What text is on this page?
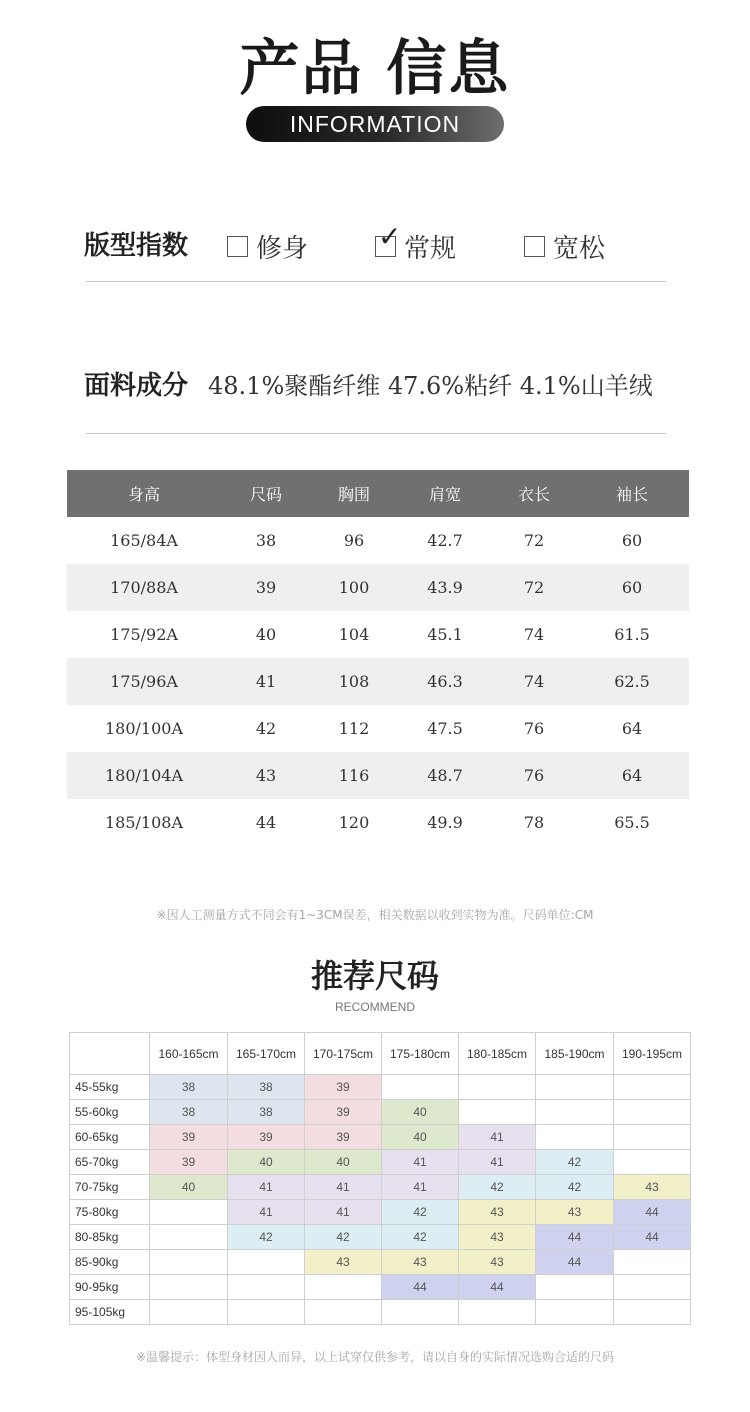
产品 信息
INFORMATION
版型指数	修身 ✓ 常规	宽松
面料成分 48.1%聚酯纤维 47.6%粘纤 4.1%山羊绒
身高	尺码	胸围	肩宽	衣长	袖长
165/84A	38	96	42.7	72	60
170/88A	39	100	43.9	72	60
175/92A	40	104	45.1	74	61.5
175/96A	41	108	46.3	74	62.5
180/100A	42	112	47.5	76	64
180/104A	43	116	48.7	76	64
185/108A	44	120	49.9	78	65.5
※因人工测量方式不同会有1~3CM误差，相关数据以收到实物为准。尺码单位:CM
推荐尺码
RECOMMEND
	160-165cm	165-170cm	170-175cm	175-180cm	180-185cm	185-190cm	190-195cm
45-55kg	38	38	39				
55-60kg	38	38	39	40			
60-65kg	39	39	39	40	41		
65-70kg	39	40	40	41	41	42	
70-75kg	40	41	41	41	42	42	43
75-80kg		41	41	42	43	43	44
80-85kg		42	42	42	43	44	44
85-90kg			43	43	43	44	
90-95kg				44	44		
95-105kg							
※温馨提示：体型身材因人而异，以上试穿仅供参考，请以自身的实际情况选购合适的尺码
